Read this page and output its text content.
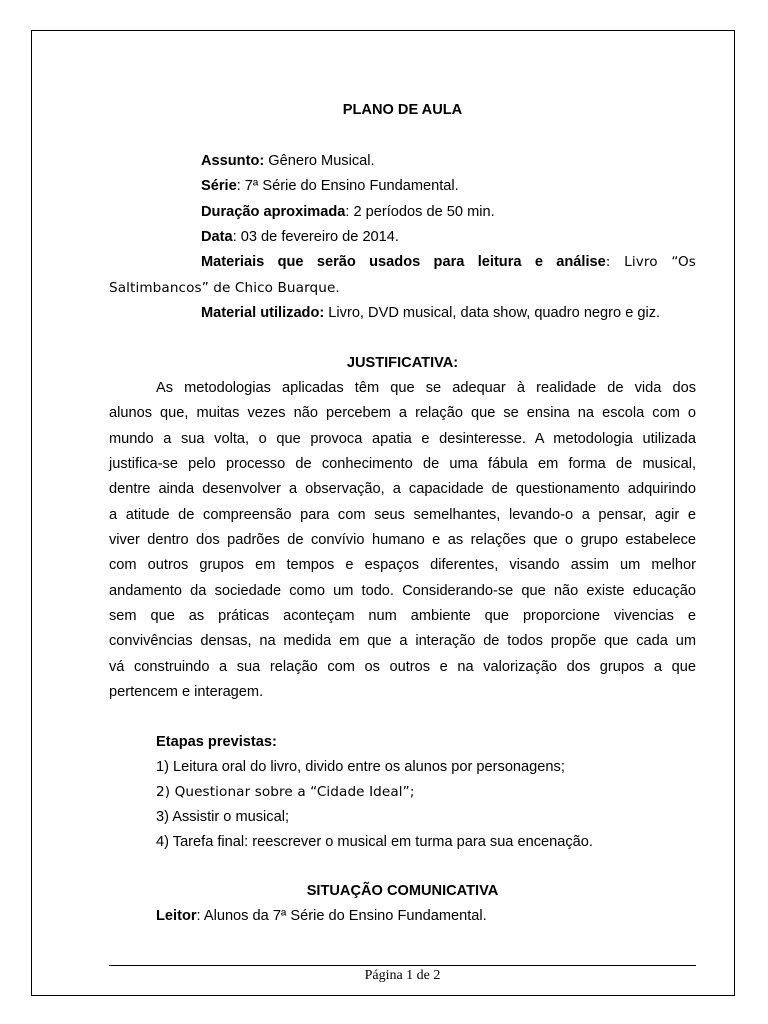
PLANO DE AULA

Assunto: Gênero Musical.

Série: 7ª Série do Ensino Fundamental.

Duração aproximada: 2 períodos de 50 min.

Data: 03 de fevereiro de 2014.

Materiais que serão usados para leitura e análise: Livro “Os

Saltimbancos” de Chico Buarque.

Material utilizado: Livro, DVD musical, data show, quadro negro e giz.

JUSTIFICATIVA:

As metodologias aplicadas têm que se adequar à realidade de vida dos

alunos que, muitas vezes não percebem a relação que se ensina na escola com o

mundo a sua volta, o que provoca apatia e desinteresse. A metodologia utilizada

justifica-se pelo processo de conhecimento de uma fábula em forma de musical,

dentre ainda desenvolver a observação, a capacidade de questionamento adquirindo

a atitude de compreensão para com seus semelhantes, levando-o a pensar, agir e

viver dentro dos padrões de convívio humano e as relações que o grupo estabelece

com outros grupos em tempos e espaços diferentes, visando assim um melhor

andamento da sociedade como um todo. Considerando-se que não existe educação

sem que as práticas aconteçam num ambiente que proporcione vivencias e

convivências densas, na medida em que a interação de todos propõe que cada um

vá construindo a sua relação com os outros e na valorização dos grupos a que

pertencem e interagem.

Etapas previstas:

1) Leitura oral do livro, divido entre os alunos por personagens;

2) Questionar sobre a “Cidade Ideal”;

3) Assistir o musical;

4) Tarefa final: reescrever o musical em turma para sua encenação.

SITUAÇÃO COMUNICATIVA

Leitor: Alunos da 7ª Série do Ensino Fundamental.

Página 1 de 2
